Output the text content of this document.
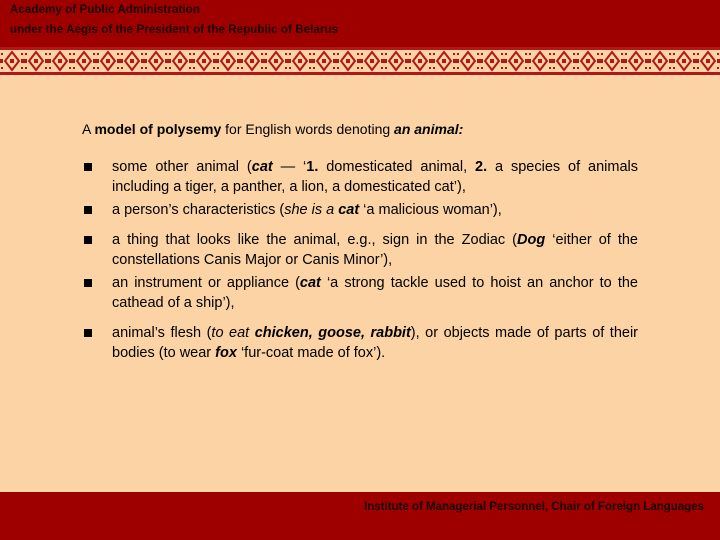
Academy of Public Administration
under the Aegis of the President of the Republic of Belarus
A model of polysemy for English words denoting an animal:
some other animal (cat — ‘1. domesticated animal, 2. a species of animals including a tiger, a panther, a lion, a domesticated cat’),
a person’s characteristics (she is a cat ‘a malicious woman’),
a thing that looks like the animal, e.g., sign in the Zodiac (Dog ‘either of the constellations Canis Major or Canis Minor’),
an instrument or appliance (cat ‘a strong tackle used to hoist an anchor to the cathead of a ship’),
animal’s flesh (to eat chicken, goose, rabbit), or objects made of parts of their bodies (to wear fox ‘fur-coat made of fox’).
Institute of Managerial Personnel, Chair of Foreign Languages
